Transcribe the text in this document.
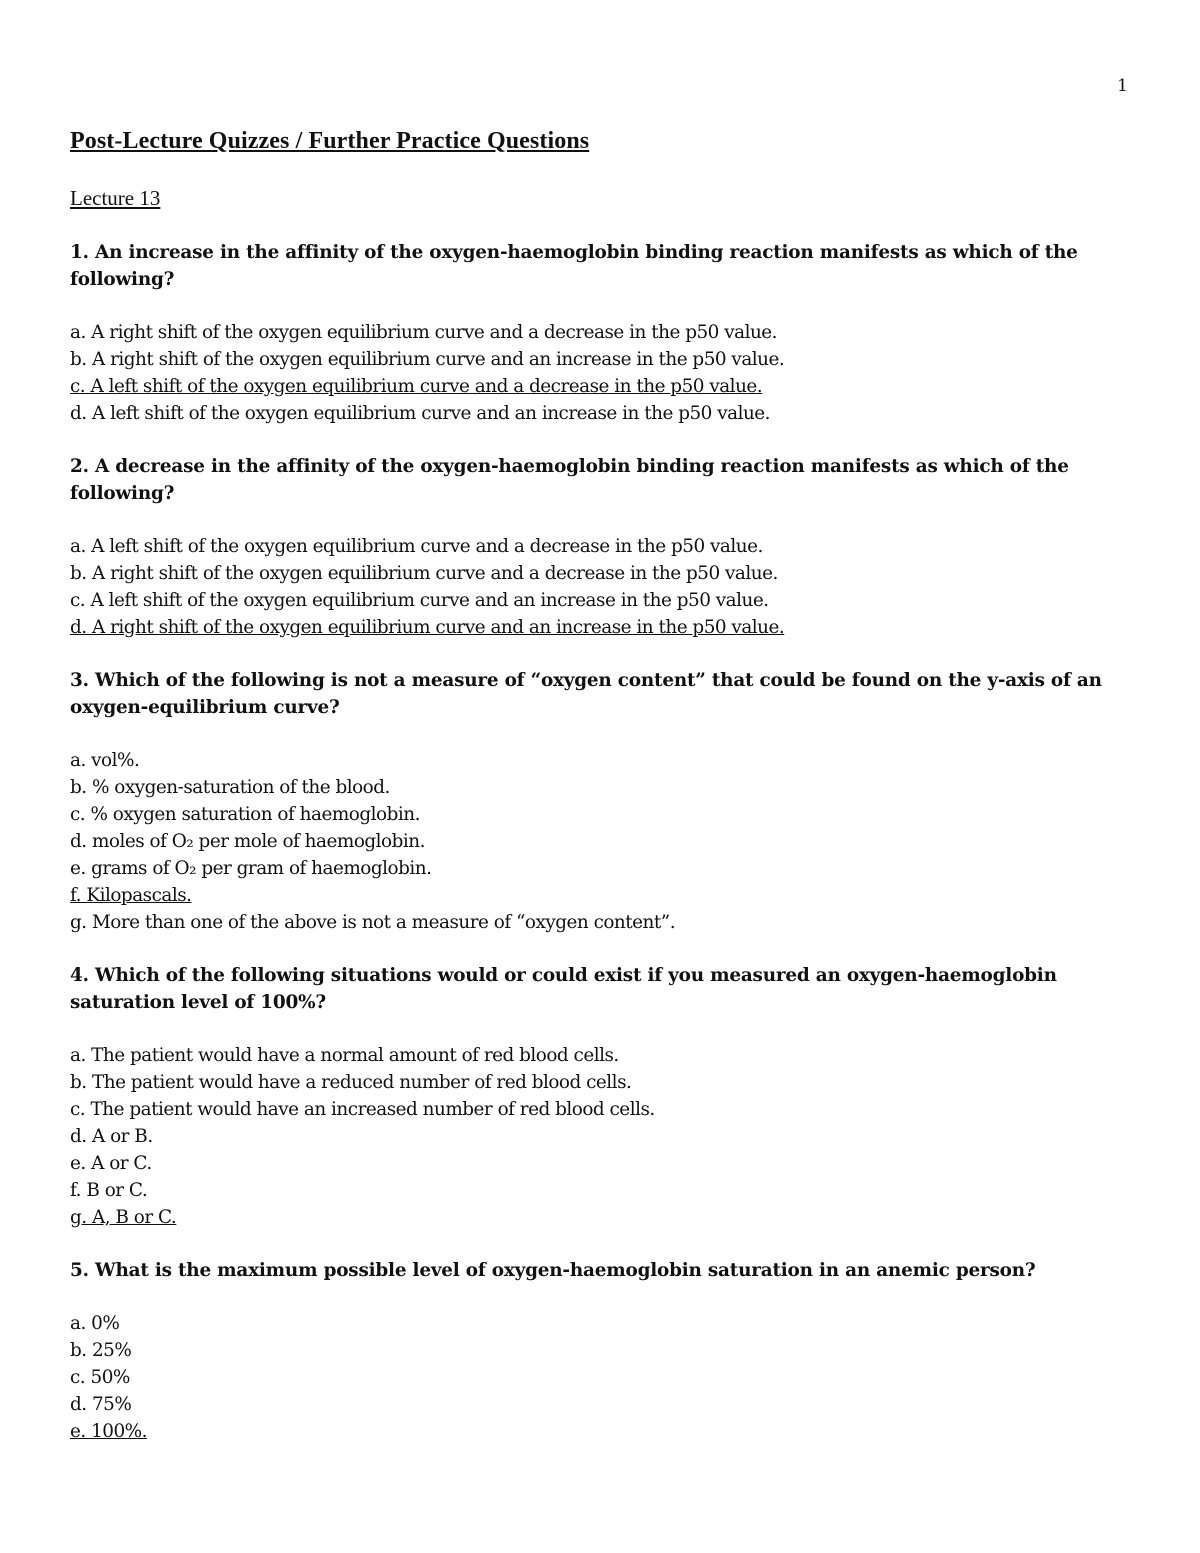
1
Post-Lecture Quizzes / Further Practice Questions
Lecture 13
1. An increase in the affinity of the oxygen-haemoglobin binding reaction manifests as which of the following?
a. A right shift of the oxygen equilibrium curve and a decrease in the p50 value.
b. A right shift of the oxygen equilibrium curve and an increase in the p50 value.
c. A left shift of the oxygen equilibrium curve and a decrease in the p50 value.
d. A left shift of the oxygen equilibrium curve and an increase in the p50 value.
2. A decrease in the affinity of the oxygen-haemoglobin binding reaction manifests as which of the following?
a. A left shift of the oxygen equilibrium curve and a decrease in the p50 value.
b. A right shift of the oxygen equilibrium curve and a decrease in the p50 value.
c. A left shift of the oxygen equilibrium curve and an increase in the p50 value.
d. A right shift of the oxygen equilibrium curve and an increase in the p50 value.
3. Which of the following is not a measure of “oxygen content” that could be found on the y-axis of an oxygen-equilibrium curve?
a. vol%.
b. % oxygen-saturation of the blood.
c. % oxygen saturation of haemoglobin.
d. moles of O₂ per mole of haemoglobin.
e. grams of O₂ per gram of haemoglobin.
f. Kilopascals.
g. More than one of the above is not a measure of “oxygen content”.
4. Which of the following situations would or could exist if you measured an oxygen-haemoglobin saturation level of 100%?
a. The patient would have a normal amount of red blood cells.
b. The patient would have a reduced number of red blood cells.
c. The patient would have an increased number of red blood cells.
d. A or B.
e. A or C.
f. B or C.
g. A, B or C.
5. What is the maximum possible level of oxygen-haemoglobin saturation in an anemic person?
a. 0%
b. 25%
c. 50%
d. 75%
e. 100%.
